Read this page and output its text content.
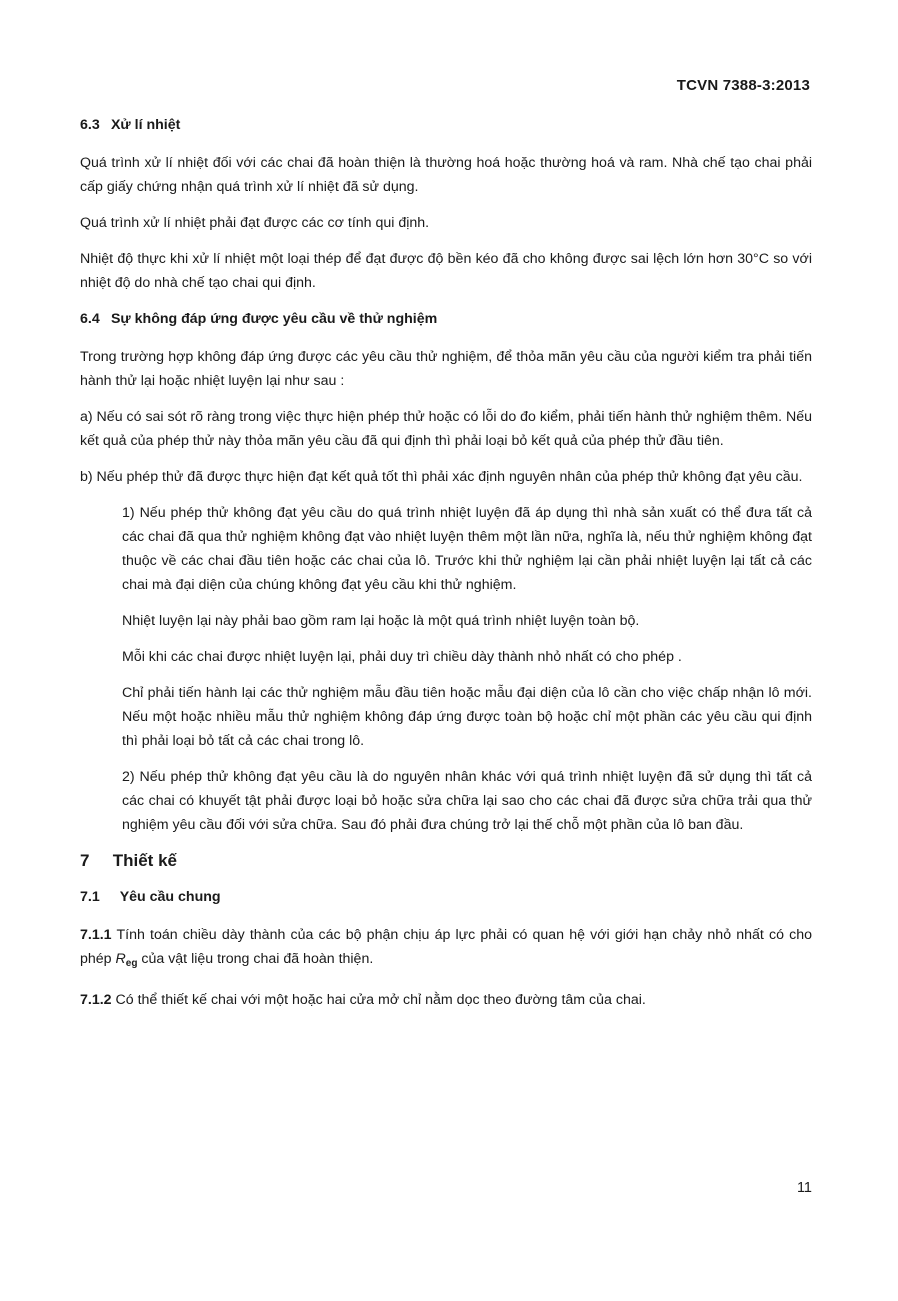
TCVN 7388-3:2013
6.3 Xử lí nhiệt

Quá trình xử lí nhiệt đối với các chai đã hoàn thiện là thường hoá hoặc thường hoá và ram. Nhà chế tạo chai phải cấp giấy chứng nhận quá trình xử lí nhiệt đã sử dụng.

Quá trình xử lí nhiệt phải đạt được các cơ tính qui định.

Nhiệt độ thực khi xử lí nhiệt một loại thép để đạt được độ bền kéo đã cho không được sai lệch lớn hơn 30°C so với nhiệt độ do nhà chế tạo chai qui định.

6.4 Sự không đáp ứng được yêu cầu về thử nghiệm

Trong trường hợp không đáp ứng được các yêu cầu thử nghiệm, để thỏa mãn yêu cầu của người kiểm tra phải tiến hành thử lại hoặc nhiệt luyện lại như sau :

a) Nếu có sai sót rõ ràng trong việc thực hiện phép thử hoặc có lỗi do đo kiểm, phải tiến hành thử nghiệm thêm. Nếu kết quả của phép thử này thỏa mãn yêu cầu đã qui định thì phải loại bỏ kết quả của phép thử đầu tiên.

b) Nếu phép thử đã được thực hiện đạt kết quả tốt thì phải xác định nguyên nhân của phép thử không đạt yêu cầu.

1) Nếu phép thử không đạt yêu cầu do quá trình nhiệt luyện đã áp dụng thì nhà sản xuất có thể đưa tất cả các chai đã qua thử nghiệm không đạt vào nhiệt luyện thêm một lần nữa, nghĩa là, nếu thử nghiệm không đạt thuộc về các chai đầu tiên hoặc các chai của lô. Trước khi thử nghiệm lại cần phải nhiệt luyện lại tất cả các chai mà đại diện của chúng không đạt yêu cầu khi thử nghiệm.

Nhiệt luyện lại này phải bao gồm ram lại hoặc là một quá trình nhiệt luyện toàn bộ.

Mỗi khi các chai được nhiệt luyện lại, phải duy trì chiều dày thành nhỏ nhất có cho phép .

Chỉ phải tiến hành lại các thử nghiệm mẫu đầu tiên hoặc mẫu đại diện của lô cần cho việc chấp nhận lô mới. Nếu một hoặc nhiều mẫu thử nghiệm không đáp ứng được toàn bộ hoặc chỉ một phần các yêu cầu qui định thì phải loại bỏ tất cả các chai trong lô.

2) Nếu phép thử không đạt yêu cầu là do nguyên nhân khác với quá trình nhiệt luyện đã sử dụng thì tất cả các chai có khuyết tật phải được loại bỏ hoặc sửa chữa lại sao cho các chai đã được sửa chữa trải qua thử nghiệm yêu cầu đối với sửa chữa. Sau đó phải đưa chúng trở lại thế chỗ một phần của lô ban đầu.

7 Thiết kế
7.1 Yêu cầu chung

7.1.1 Tính toán chiều dày thành của các bộ phận chịu áp lực phải có quan hệ với giới hạn chảy nhỏ nhất có cho phép $R_{eg}$ của vật liệu trong chai đã hoàn thiện.

7.1.2 Có thể thiết kế chai với một hoặc hai cửa mở chỉ nằm dọc theo đường tâm của chai.

11
